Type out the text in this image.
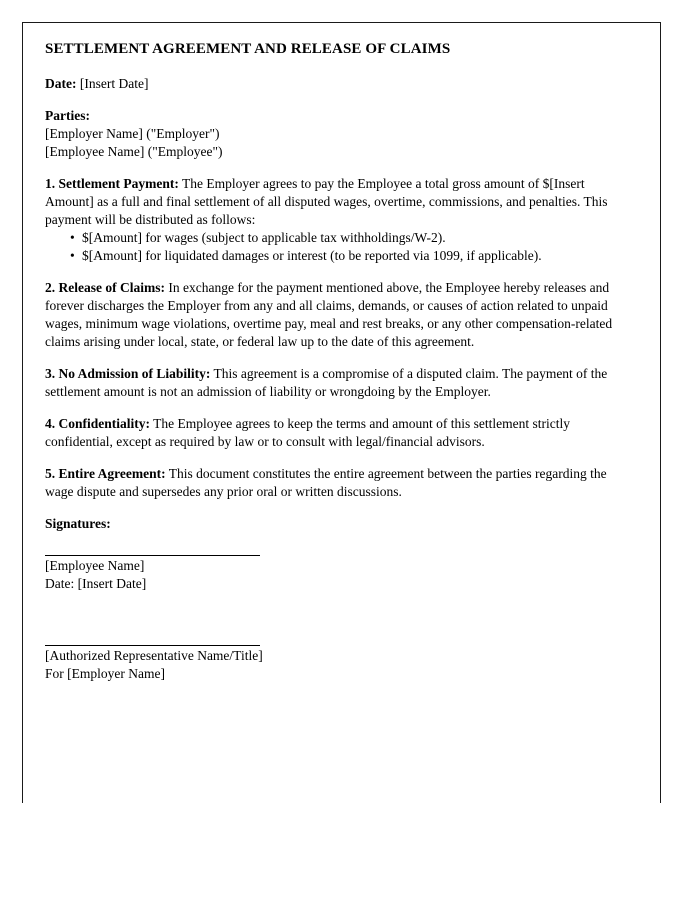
SETTLEMENT AGREEMENT AND RELEASE OF CLAIMS

Date: [Insert Date]

Parties:
[Employer Name] ("Employer")
[Employee Name] ("Employee")

1. Settlement Payment: The Employer agrees to pay the Employee a total gross amount of $[Insert Amount] as a full and final settlement of all disputed wages, overtime, commissions, and penalties. This payment will be distributed as follows:

• $[Amount] for wages (subject to applicable tax withholdings/W-2).
• $[Amount] for liquidated damages or interest (to be reported via 1099, if applicable).

2. Release of Claims: In exchange for the payment mentioned above, the Employee hereby releases and forever discharges the Employer from any and all claims, demands, or causes of action related to unpaid wages, minimum wage violations, overtime pay, meal and rest breaks, or any other compensation-related claims arising under local, state, or federal law up to the date of this agreement.

3. No Admission of Liability: This agreement is a compromise of a disputed claim. The payment of the settlement amount is not an admission of liability or wrongdoing by the Employer.

4. Confidentiality: The Employee agrees to keep the terms and amount of this settlement strictly confidential, except as required by law or to consult with legal/financial advisors.

5. Entire Agreement: This document constitutes the entire agreement between the parties regarding the wage dispute and supersedes any prior oral or written discussions.

Signatures:

[Employee Name]
Date: [Insert Date]
[Authorized Representative Name/Title]
For [Employer Name]
